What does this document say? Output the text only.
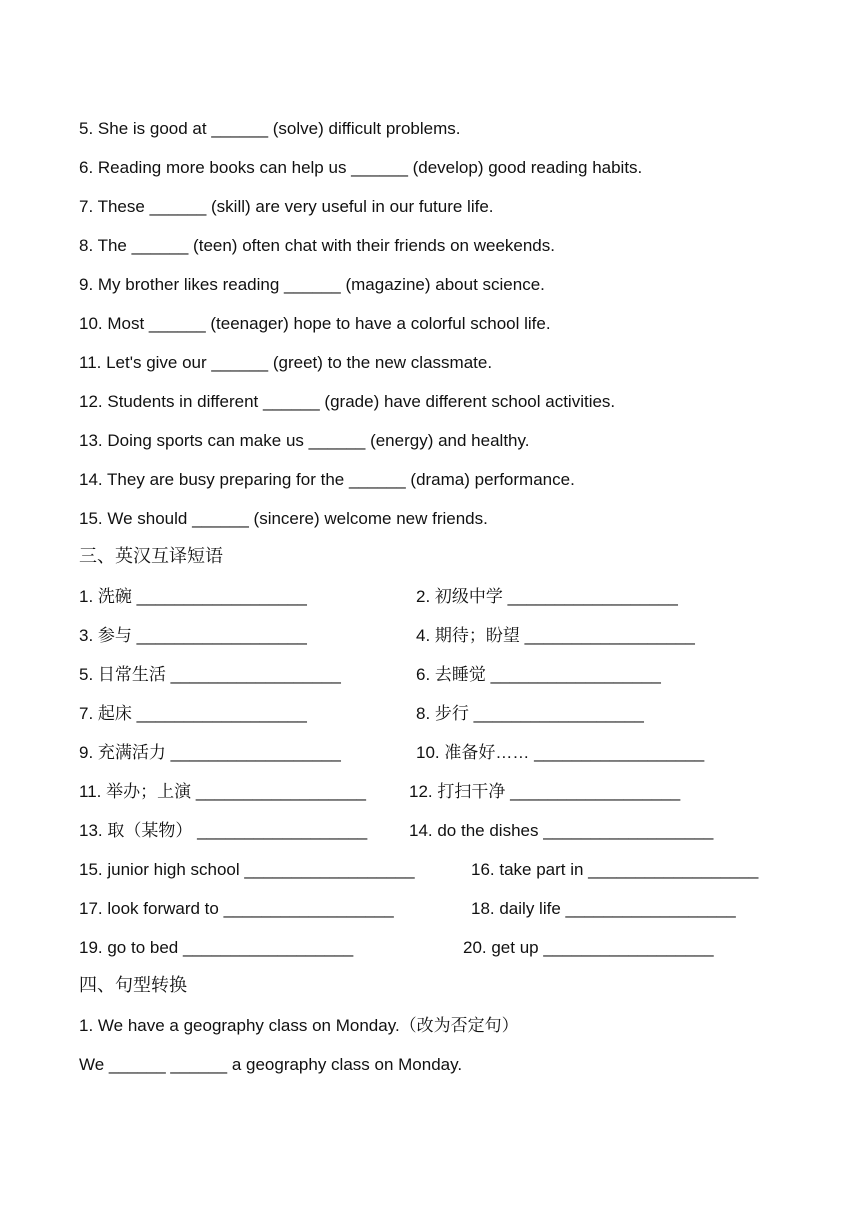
5. She is good at ______ (solve) difficult problems.
6. Reading more books can help us ______ (develop) good reading habits.
7. These ______ (skill) are very useful in our future life.
8. The ______ (teen) often chat with their friends on weekends.
9. My brother likes reading ______ (magazine) about science.
10. Most ______ (teenager) hope to have a colorful school life.
11. Let's give our ______ (greet) to the new classmate.
12. Students in different ______ (grade) have different school activities.
13. Doing sports can make us ______ (energy) and healthy.
14. They are busy preparing for the ______ (drama) performance.
15. We should ______ (sincere) welcome new friends.
三、英汉互译短语
1. 洗碗 __________________	2. 初级中学 __________________
3. 参与 __________________	4. 期待；盼望 __________________
5. 日常生活 __________________	6. 去睡觉 __________________
7. 起床 __________________	8. 步行 __________________
9. 充满活力 __________________	10. 准备好…… __________________
11. 举办；上演 __________________	12. 打扫干净 __________________
13. 取（某物） __________________ 14. do the dishes __________________
15. junior high school __________________	16. take part in __________________
17. look forward to __________________	18. daily life __________________
19. go to bed __________________	20. get up __________________
四、句型转换
1. We have a geography class on Monday.（改为否定句）
We ______ ______ a geography class on Monday.
